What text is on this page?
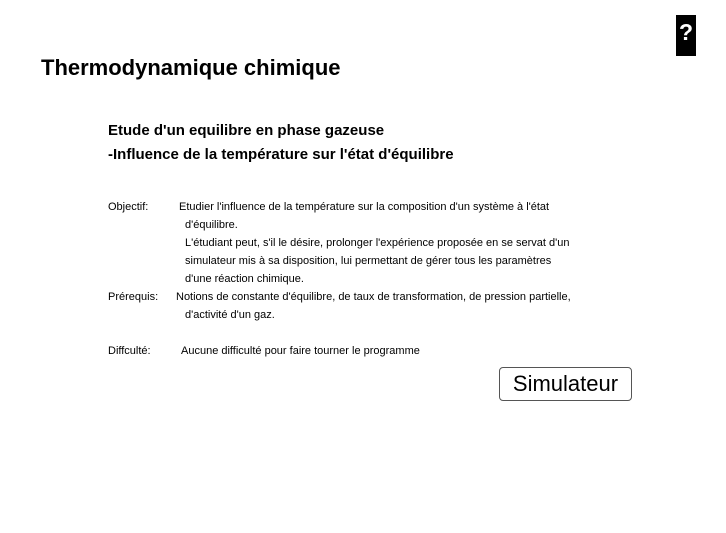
?
Thermodynamique chimique
Etude d'un equilibre en phase gazeuse
-Influence de la température sur l'état d'équilibre
Objectif:	Etudier l'influence de la température sur la composition d'un système à l'état
d'équilibre.
L'étudiant peut, s'il le désire, prolonger l'expérience proposée en se servat d'un
simulateur mis à sa disposition, lui permettant de gérer tous les paramètres
d'une réaction chimique.
Prérequis: Notions de constante d'équilibre, de taux de transformation, de pression partielle,
d'activité d'un gaz.
Diffculté:	Aucune difficulté pour faire tourner le programme
Simulateur
